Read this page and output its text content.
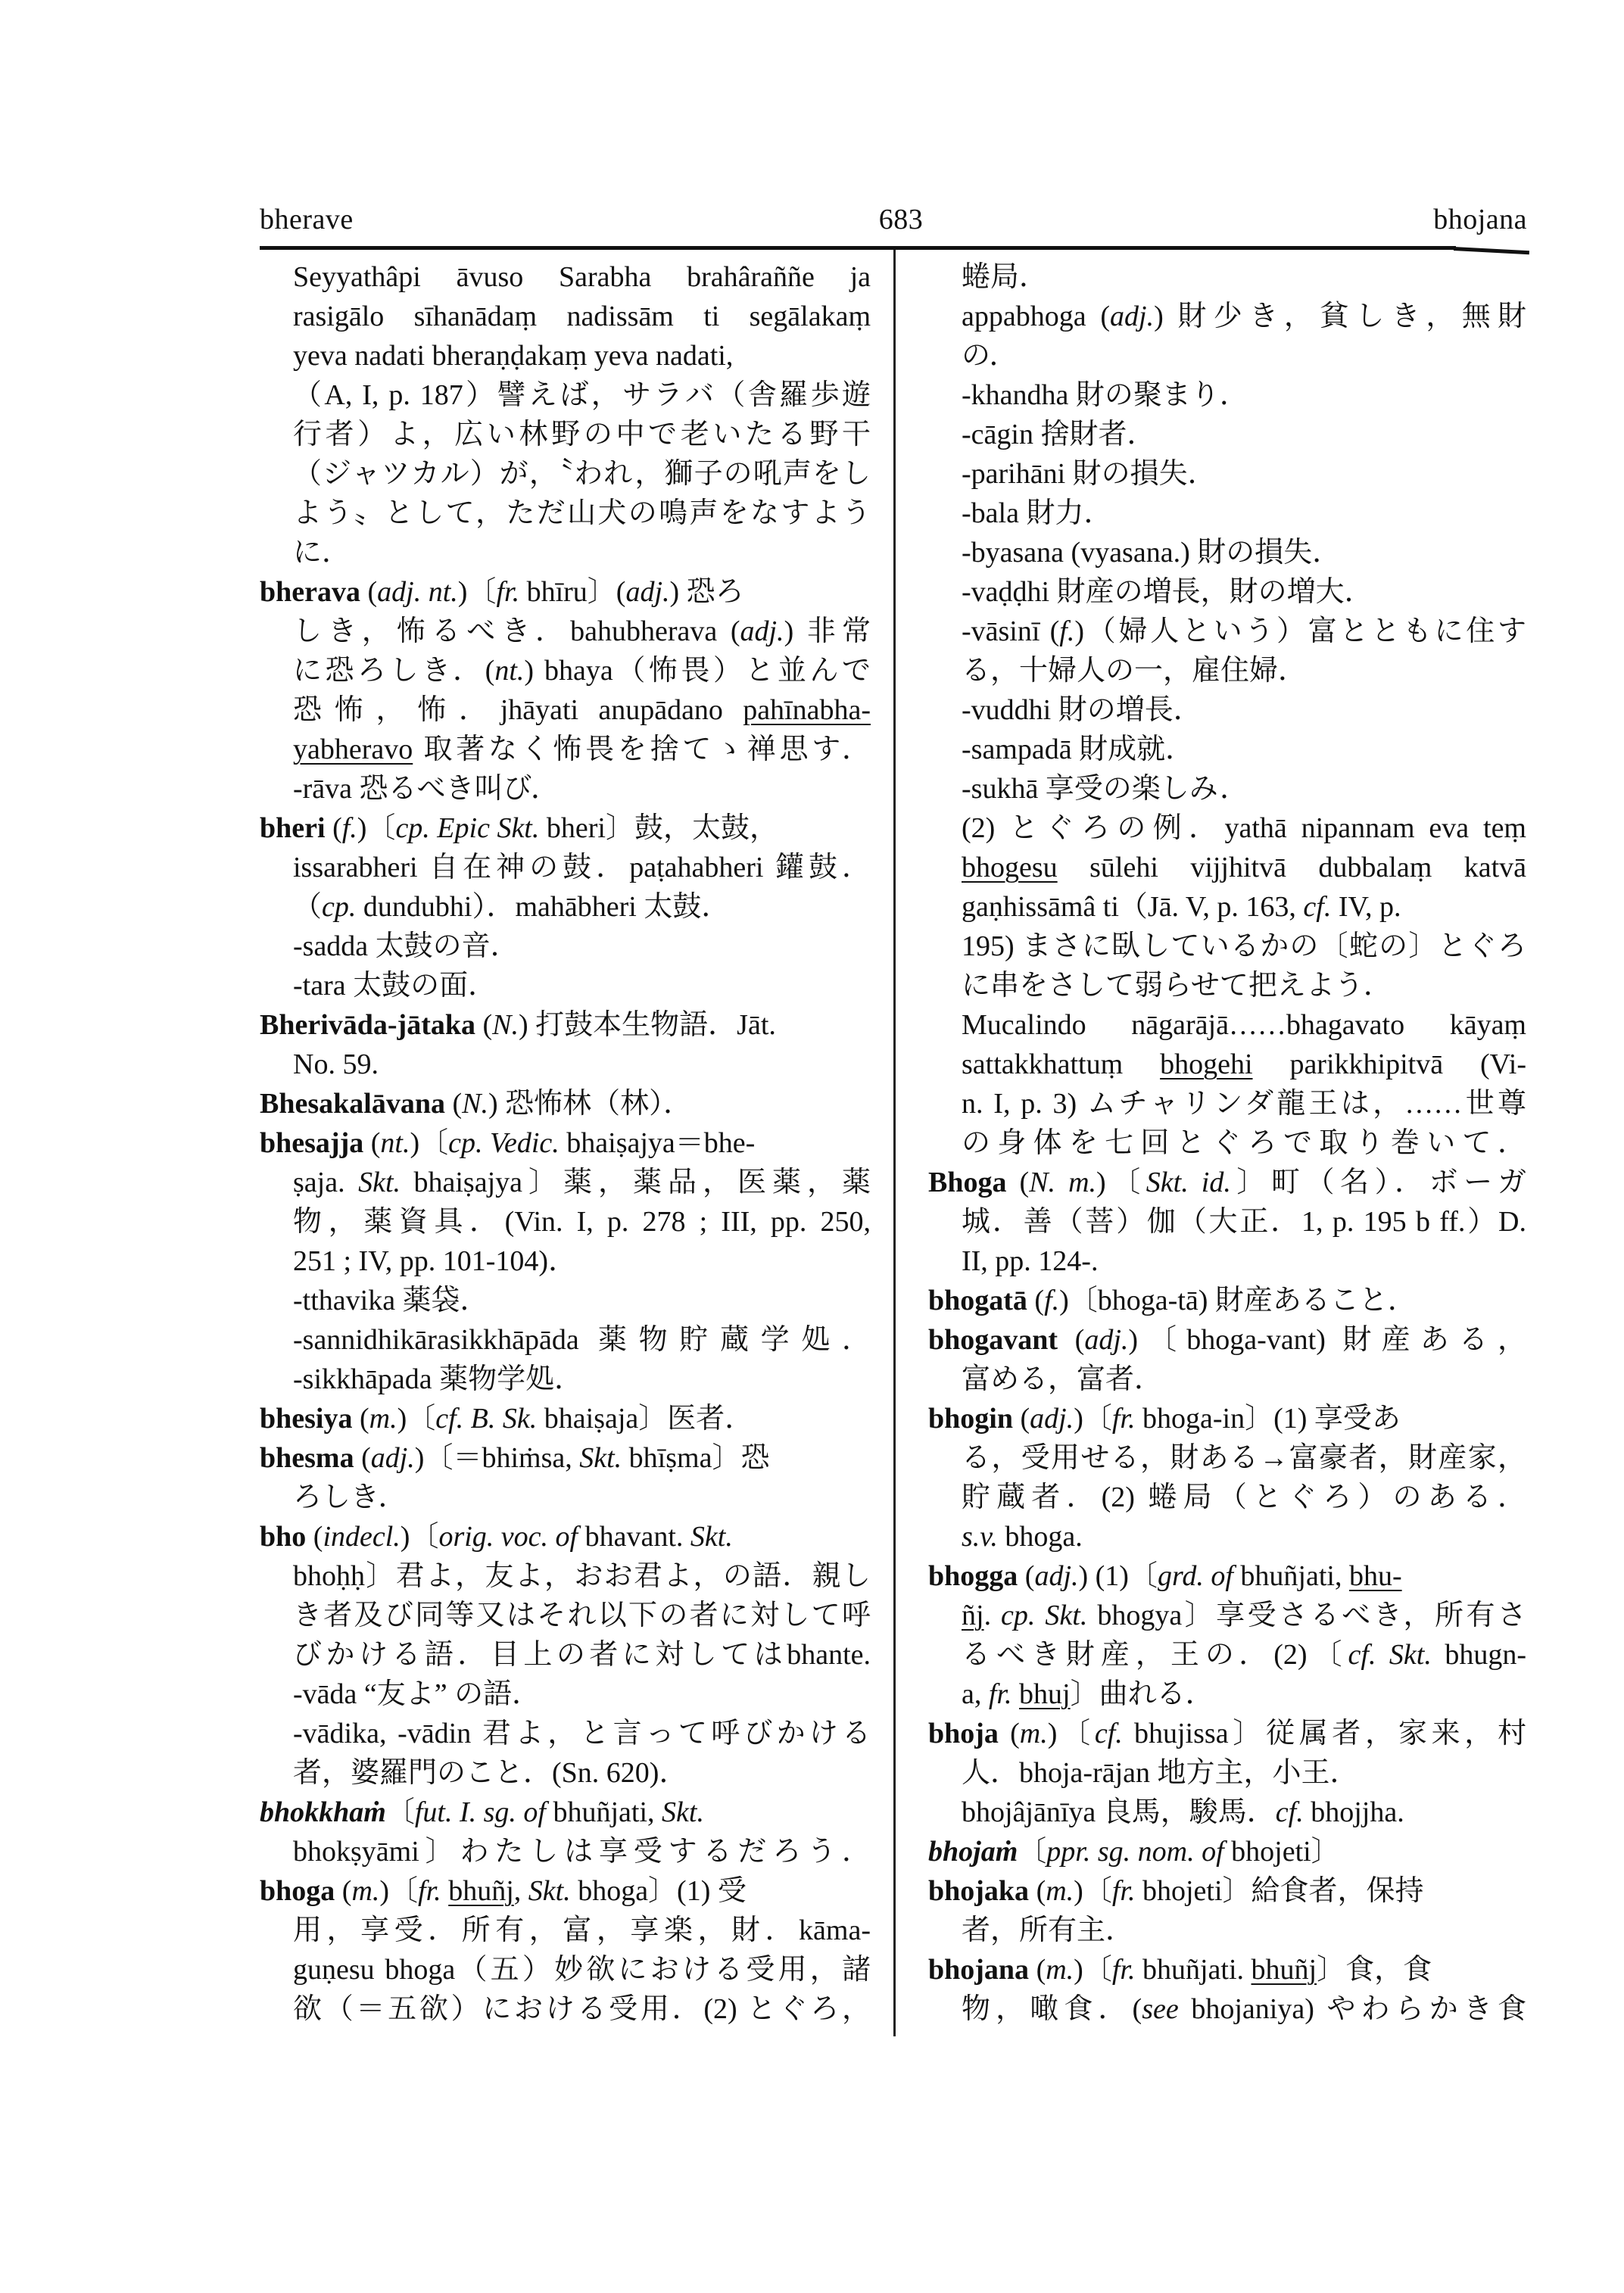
bherave	683	bhojana
Seyyathâpi āvuso Sarabha brahâraññe ja
rasigālo sīhanādaṃ nadissām ti segālakaṃ
yeva nadati bheraṇḍakaṃ yeva nadati,
（A, I, p. 187）譬えば，サラバ（舎羅歩遊
行者）よ，広い林野の中で老いたる野干
（ジャツカル）が，〝われ，獅子の吼声をし
よう〟として，ただ山犬の鳴声をなすよう
に．
bherava (adj. nt.)〔fr. bhīru〕(adj.) 恐ろ
しき，怖るべき．bahubherava (adj.) 非常
に恐ろしき．(nt.) bhaya（怖畏）と並んで
恐怖，怖．jhāyati anupādano pahīnabha-
yabheravo 取著なく怖畏を捨てゝ禅思す．
-rāva 恐るべき叫び．
bheri (f.)〔cp. Epic Skt. bheri〕鼓，太鼓，
issarabheri 自在神の鼓．paṭahabheri 鑵鼓．
（cp. dundubhi）．mahābheri 太鼓．
-sadda 太鼓の音．
-tara 太鼓の面．
Bherivāda-jātaka (N.) 打鼓本生物語．Jāt.
No. 59.
Bhesakalāvana (N.) 恐怖林（林）．
bhesajja (nt.)〔cp. Vedic. bhaiṣajya＝bhe-
ṣaja. Skt. bhaiṣajya〕薬，薬品，医薬，薬
物，薬資具．(Vin. I, p. 278 ; III, pp. 250,
251 ; IV, pp. 101-104)．
-tthavika 薬袋．
-sannidhikārasikkhāpāda 薬物貯蔵学処．
-sikkhāpada 薬物学処．
bhesiya (m.)〔cf. B. Sk. bhaiṣaja〕医者．
bhesma (adj.)〔＝bhiṁsa, Skt. bhīṣma〕恐
ろしき．
bho (indecl.)〔orig. voc. of bhavant. Skt.
bhoḥḥ〕君よ，友よ，おお君よ，の語．親し
き者及び同等又はそれ以下の者に対して呼
びかける語．目上の者に対してはbhante.
-vāda “友よ” の語．
-vādika, -vādin 君よ，と言って呼びかける
者，婆羅門のこと．(Sn. 620)．
bhokkhaṁ〔fut. I. sg. of bhuñjati, Skt.
bhokṣyāmi〕わたしは享受するだろう．
bhoga (m.)〔fr. bhuñj, Skt. bhoga〕(1) 受
用，享受．所有，富，享楽，財．kāma-
guṇesu bhoga（五）妙欲における受用，諸
欲（＝五欲）における受用．(2) とぐろ，
蜷局．
appabhoga (adj.) 財少き，貧しき，無財
の．
-khandha 財の聚まり．
-cāgin 捨財者．
-parihāni 財の損失．
-bala 財力．
-byasana (vyasana.) 財の損失．
-vaḍḍhi 財産の増長，財の増大．
-vāsinī (f.)（婦人という）富とともに住す
る，十婦人の一，雇住婦．
-vuddhi 財の増長．
-sampadā 財成就．
-sukhā 享受の楽しみ．
(2) とぐろの例．yathā nipannam eva teṃ
bhogesu sūlehi vijjhitvā dubbalaṃ katvā
gaṇhissāmâ ti（Jā. V, p. 163, cf. IV, p.
195) まさに臥しているかの〔蛇の〕とぐろ
に串をさして弱らせて把えよう．
Mucalindo nāgarājā……bhagavato kāyaṃ
sattakkhattuṃ bhogehi parikkhipitvā (Vi-
n. I, p. 3) ムチャリンダ龍王は，……世尊
の身体を七回とぐろで取り巻いて．
Bhoga (N. m.)〔Skt. id.〕町（名）．ボーガ
城．善（菩）伽（大正．1, p. 195 b ff.）D.
II, pp. 124-.
bhogatā (f.)〔bhoga-tā) 財産あること．
bhogavant (adj.)〔bhoga-vant) 財産ある，
富める，富者．
bhogin (adj.)〔fr. bhoga-in〕(1) 享受あ
る，受用せる，財ある→富豪者，財産家，
貯蔵者．(2) 蜷局（とぐろ）のある．
s.v. bhoga.
bhogga (adj.) (1)〔grd. of bhuñjati, bhu-
ñj. cp. Skt. bhogya〕享受さるべき，所有さ
るべき財産，王の．(2)〔cf. Skt. bhugn-
a, fr. bhuj〕曲れる．
bhoja (m.)〔cf. bhujissa〕従属者，家来，村
人．bhoja-rājan 地方主，小王．
bhojâjānīya 良馬，駿馬．cf. bhojjha.
bhojaṁ〔ppr. sg. nom. of bhojeti〕
bhojaka (m.)〔fr. bhojeti〕給食者，保持
者，所有主．
bhojana (m.)〔fr. bhuñjati. bhuñj〕食，食
物，噉食．(see bhojaniya) やわらかき食
